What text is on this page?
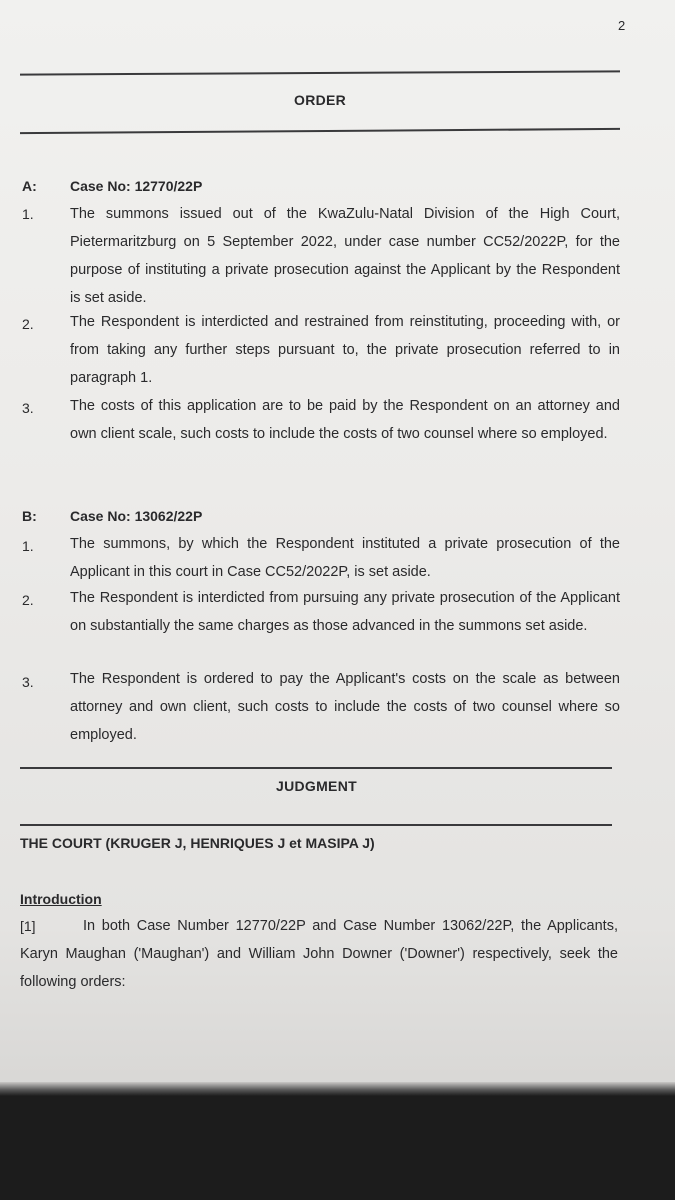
2
ORDER
A: Case No: 12770/22P
1.	The summons issued out of the KwaZulu-Natal Division of the High Court, Pietermaritzburg on 5 September 2022, under case number CC52/2022P, for the purpose of instituting a private prosecution against the Applicant by the Respondent is set aside.
2.	The Respondent is interdicted and restrained from reinstituting, proceeding with, or from taking any further steps pursuant to, the private prosecution referred to in paragraph 1.
3.	The costs of this application are to be paid by the Respondent on an attorney and own client scale, such costs to include the costs of two counsel where so employed.
B: Case No: 13062/22P
1.	The summons, by which the Respondent instituted a private prosecution of the Applicant in this court in Case CC52/2022P, is set aside.
2.	The Respondent is interdicted from pursuing any private prosecution of the Applicant on substantially the same charges as those advanced in the summons set aside.
3.	The Respondent is ordered to pay the Applicant's costs on the scale as between attorney and own client, such costs to include the costs of two counsel where so employed.
JUDGMENT
THE COURT (KRUGER J, HENRIQUES J et MASIPA J)
Introduction
[1]	In both Case Number 12770/22P and Case Number 13062/22P, the Applicants, Karyn Maughan ('Maughan') and William John Downer ('Downer') respectively, seek the following orders:
